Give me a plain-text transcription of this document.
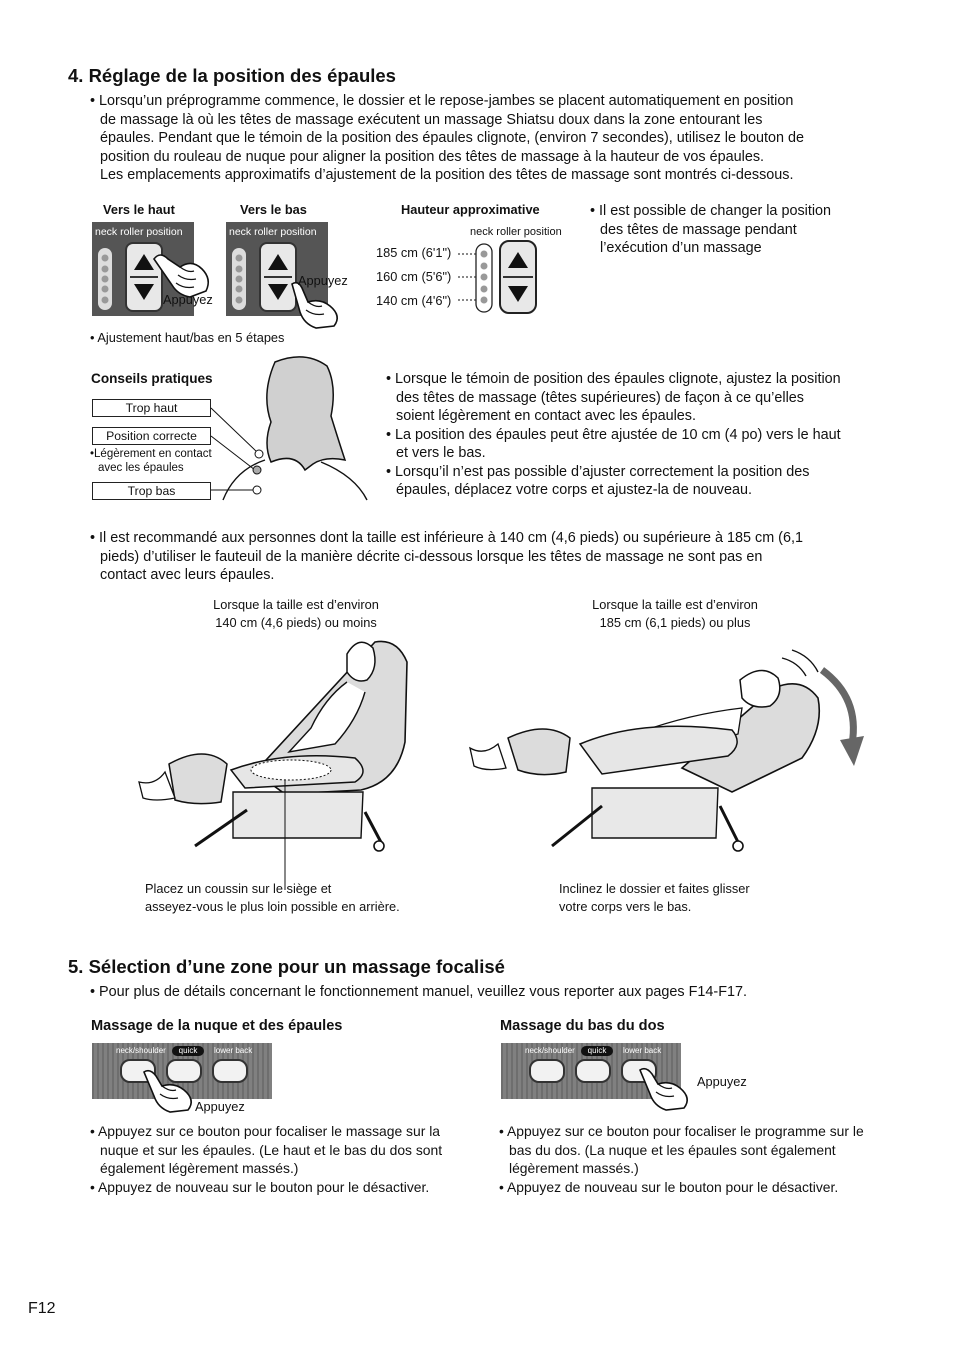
4. Réglage de la position des épaules
• Lorsqu’un préprogramme commence, le dossier et le repose-jambes se placent automatiquement en position
de massage là où les têtes de massage exécutent un massage Shiatsu doux dans la zone entourant les
épaules. Pendant que le témoin de la position des épaules clignote, (environ 7 secondes), utilisez le bouton de
position du rouleau de nuque pour aligner la position des têtes de massage à la hauteur de vos épaules.
Les emplacements approximatifs d’ajustement de la position des têtes de massage sont montrés ci-dessous.
Vers le haut	Vers le bas	Hauteur approximative
neck roller position
Appuyez
neck roller position
Appuyez
neck roller position
185 cm (6'1")
160 cm (5'6")
140 cm (4'6")
• Il est possible de changer la position
des têtes de massage pendant
l’exécution d’un massage
• Ajustement haut/bas en 5 étapes
Conseils pratiques
Trop haut
Position correcte
•Légèrement en contact
avec les épaules
Trop bas
• Lorsque le témoin de position des épaules clignote, ajustez la position
des têtes de massage (têtes supérieures) de façon à ce qu’elles
soient légèrement en contact avec les épaules.
• La position des épaules peut être ajustée de 10 cm (4 po) vers le haut
et vers le bas.
• Lorsqu’il n’est pas possible d’ajuster correctement la position des
épaules, déplacez votre corps et ajustez-la de nouveau.
• Il est recommandé aux personnes dont la taille est inférieure à 140 cm (4,6 pieds) ou supérieure à 185 cm (6,1
pieds) d’utiliser le fauteuil de la manière décrite ci-dessous lorsque les têtes de massage ne sont pas en
contact avec leurs épaules.
Lorsque la taille est d’environ
140 cm (4,6 pieds) ou moins
Lorsque la taille est d’environ
185 cm (6,1 pieds) ou plus
Placez un coussin sur le siège et
asseyez-vous le plus loin possible en arrière.
Inclinez le dossier et faites glisser
votre corps vers le bas.
5. Sélection d’une zone pour un massage focalisé
• Pour plus de détails concernant le fonctionnement manuel, veuillez vous reporter aux pages F14-F17.
Massage de la nuque et des épaules	Massage du bas du dos
neck/shoulder	quick	lower back
Appuyez
neck/shoulder	quick	lower back
Appuyez
• Appuyez sur ce bouton pour focaliser le massage sur la
nuque et sur les épaules. (Le haut et le bas du dos sont
également légèrement massés.)
• Appuyez de nouveau sur le bouton pour le désactiver.
• Appuyez sur ce bouton pour focaliser le programme sur le
bas du dos. (La nuque et les épaules sont également
légèrement massés.)
• Appuyez de nouveau sur le bouton pour le désactiver.
F12
